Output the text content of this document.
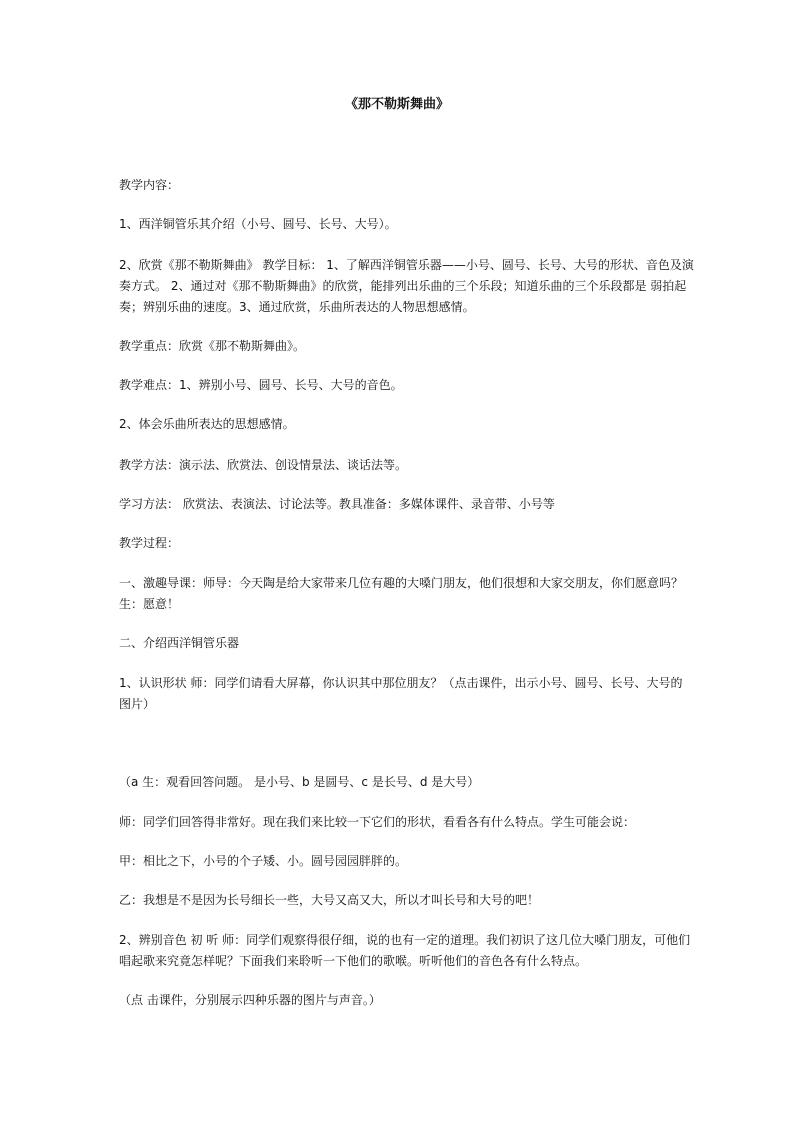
《那不勒斯舞曲》
教学内容：
1、西洋铜管乐其介绍（小号、圆号、长号、大号）。
2、欣赏《那不勒斯舞曲》 教学目标： 1、了解西洋铜管乐器——小号、圆号、长号、大号的形状、音色及演奏方式。 2、通过对《那不勒斯舞曲》的欣赏，能排列出乐曲的三个乐段；知道乐曲的三个乐段都是 弱拍起奏；辨别乐曲的速度。3、通过欣赏，乐曲所表达的人物思想感情。
教学重点：欣赏《那不勒斯舞曲》。
教学难点：1、辨别小号、圆号、长号、大号的音色。
2、体会乐曲所表达的思想感情。
教学方法：演示法、欣赏法、创设情景法、谈话法等。
学习方法： 欣赏法、表演法、讨论法等。教具准备：多媒体课件、录音带、小号等
教学过程：
一、激趣导课：师导：今天陶是给大家带来几位有趣的大嗓门朋友，他们很想和大家交朋友，你们愿意吗？生：愿意！
二、介绍西洋铜管乐器
1、认识形状 师：同学们请看大屏幕，你认识其中那位朋友？（点击课件，出示小号、圆号、长号、大号的图片）
（a 生：观看回答问题。 是小号、b 是圆号、c 是长号、d 是大号）
师：同学们回答得非常好。现在我们来比较一下它们的形状，看看各有什么特点。学生可能会说：
甲：相比之下，小号的个子矮、小。圆号园园胖胖的。
乙：我想是不是因为长号细长一些，大号又高又大，所以才叫长号和大号的吧！
2、辨别音色 初 听 师：同学们观察得很仔细，说的也有一定的道理。我们初识了这几位大嗓门朋友，可他们唱起歌来究竟怎样呢？下面我们来聆听一下他们的歌喉。听听他们的音色各有什么特点。
（点 击课件，分别展示四种乐器的图片与声音。）
